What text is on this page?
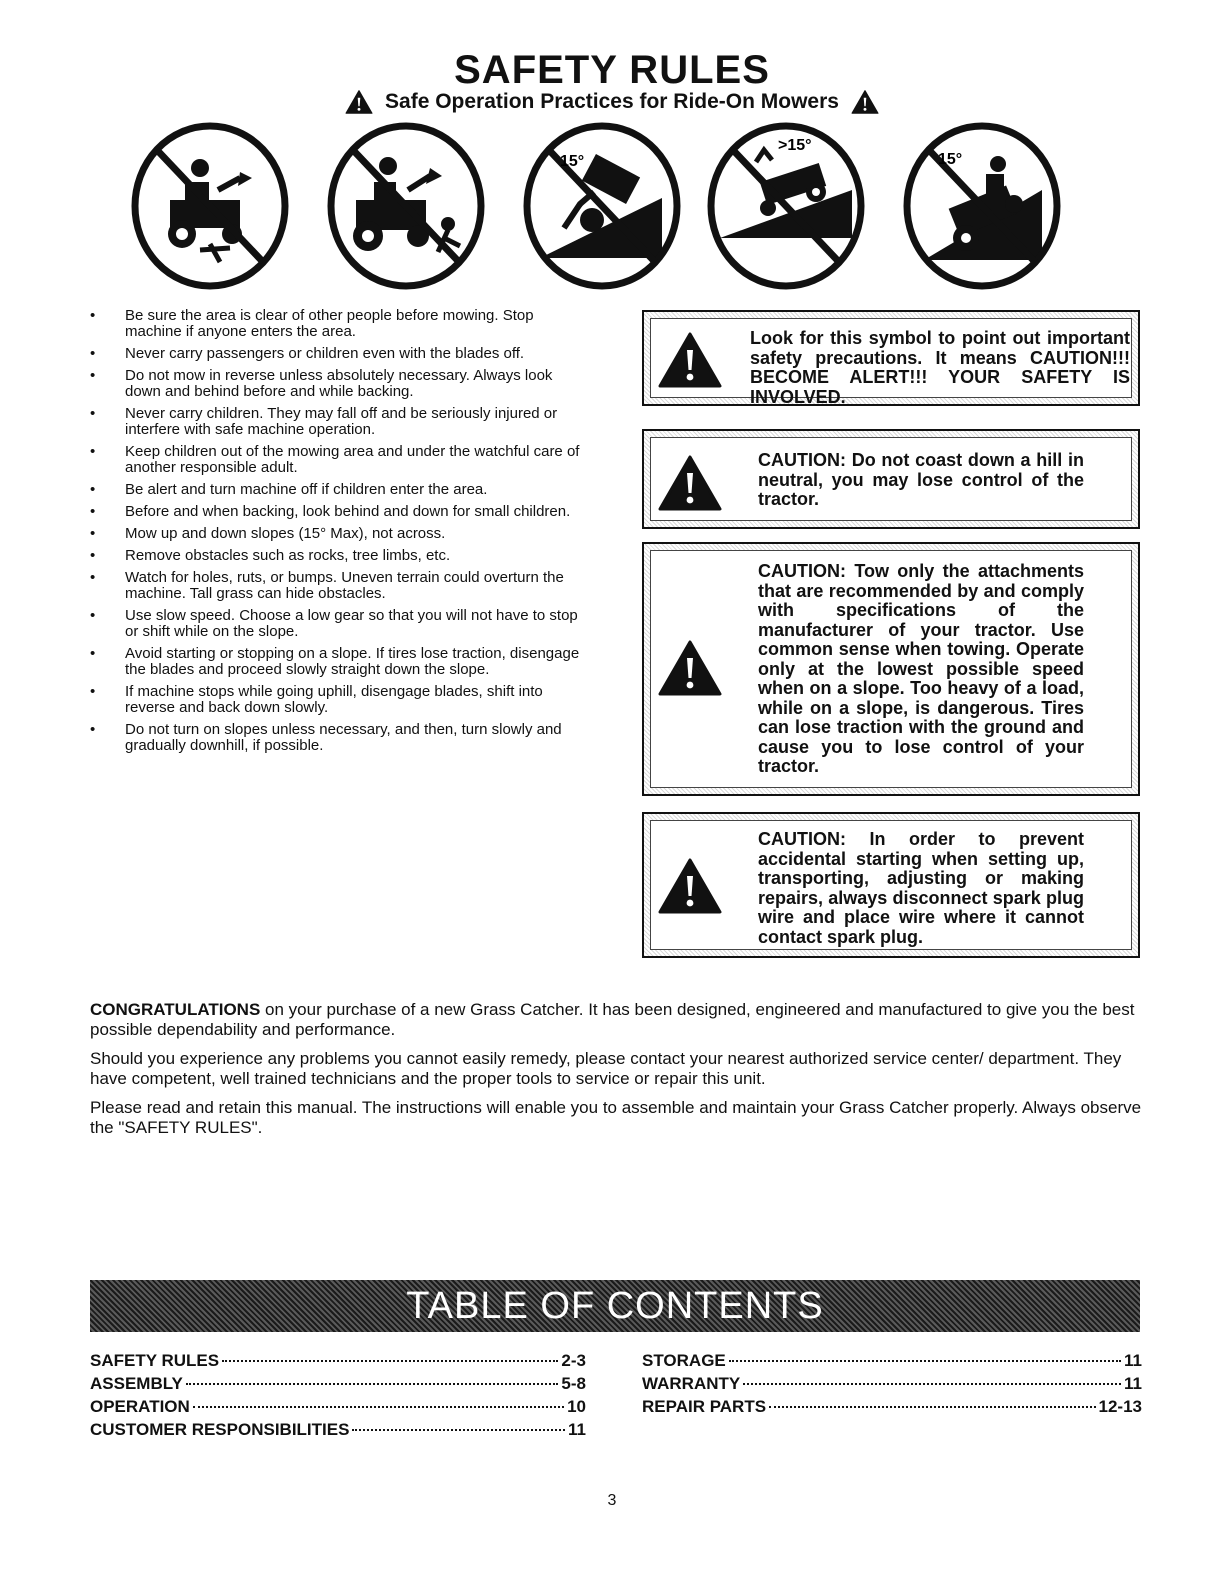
SAFETY RULES
Safe Operation Practices for Ride-On Mowers
15°
>15°
15°
• Be sure the area is clear of other people before mowing. Stop machine if anyone enters the area.
• Never carry passengers or children even with the blades off.
• Do not mow in reverse unless absolutely necessary. Always look down and behind before and while backing.
• Never carry children. They may fall off and be seriously injured or interfere with safe machine operation.
• Keep children out of the mowing area and under the watchful care of another responsible adult.
• Be alert and turn machine off if children enter the area.
• Before and when backing, look behind and down for small children.
• Mow up and down slopes (15° Max), not across.
• Remove obstacles such as rocks, tree limbs, etc.
• Watch for holes, ruts, or bumps. Uneven terrain could overturn the machine. Tall grass can hide obstacles.
• Use slow speed. Choose a low gear so that you will not have to stop or shift while on the slope.
• Avoid starting or stopping on a slope. If tires lose traction, disengage the blades and proceed slowly straight down the slope.
• If machine stops while going uphill, disengage blades, shift into reverse and back down slowly.
• Do not turn on slopes unless necessary, and then, turn slowly and gradually downhill, if possible.
Look for this symbol to point out important safety precautions. It means CAUTION!!! BECOME ALERT!!! YOUR SAFETY IS INVOLVED.
CAUTION: Do not coast down a hill in neutral, you may lose control of the tractor.
CAUTION: Tow only the attachments that are recommended by and comply with specifications of the manufacturer of your tractor. Use common sense when towing. Operate only at the lowest possible speed when on a slope. Too heavy of a load, while on a slope, is dangerous. Tires can lose traction with the ground and cause you to lose control of your tractor.
CAUTION: In order to prevent accidental starting when setting up, transporting, adjusting or making repairs, always disconnect spark plug wire and place wire where it cannot contact spark plug.

CONGRATULATIONS on your purchase of a new Grass Catcher. It has been designed, engineered and manufactured to give you the best possible dependability and performance.

Should you experience any problems you cannot easily remedy, please contact your nearest authorized service center/ department. They have competent, well trained technicians and the proper tools to service or repair this unit.

Please read and retain this manual. The instructions will enable you to assemble and maintain your Grass Catcher properly. Always observe the "SAFETY RULES".

TABLE OF CONTENTS
SAFETY RULES	2-3
ASSEMBLY	5-8
OPERATION	10
CUSTOMER RESPONSIBILITIES	11
STORAGE	11
WARRANTY	11
REPAIR PARTS	12-13
3
